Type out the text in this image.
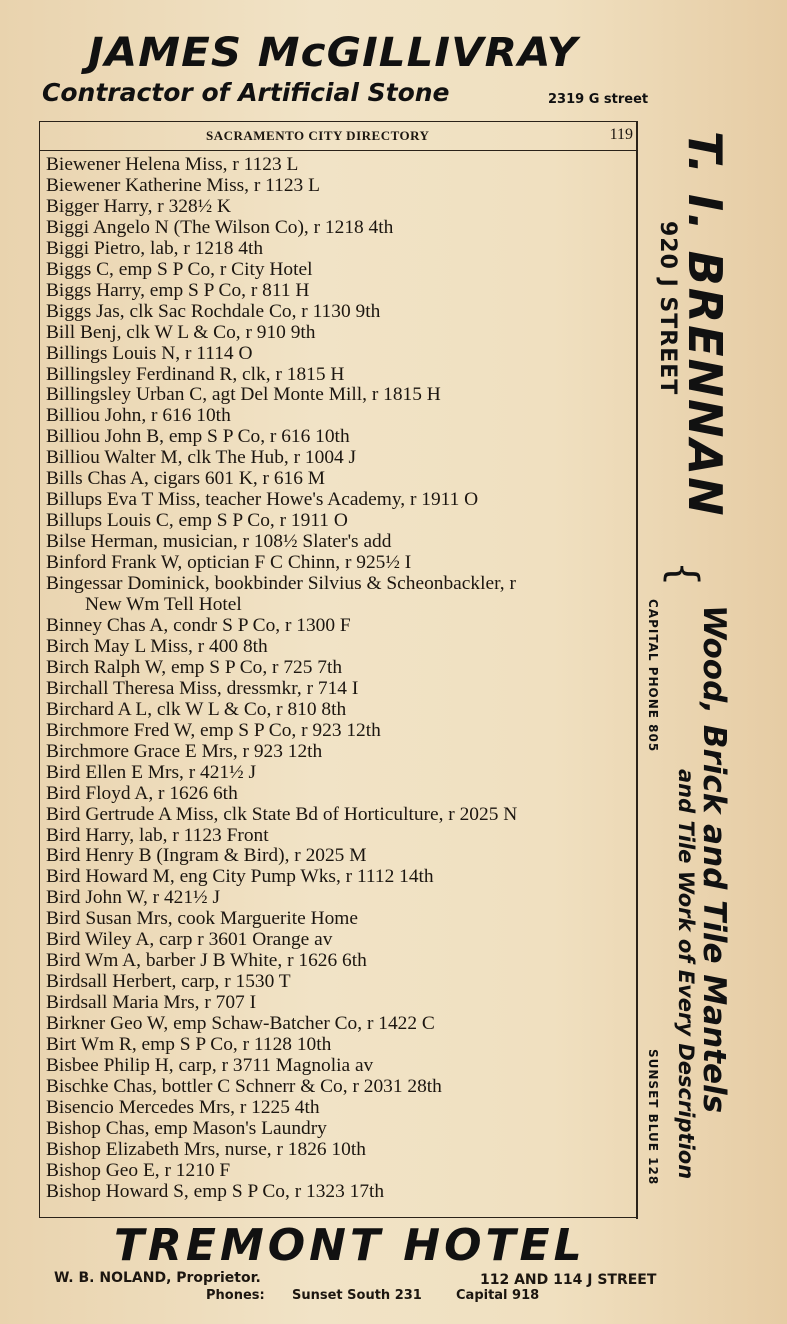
JAMES McGILLIVRAY
Contractor of Artificial Stone	2319 G street
SACRAMENTO CITY DIRECTORY	119
Biewener Helena Miss, r 1123 L
Biewener Katherine Miss, r 1123 L
Bigger Harry, r 328½ K
Biggi Angelo N (The Wilson Co), r 1218 4th
Biggi Pietro, lab, r 1218 4th
Biggs C, emp S P Co, r City Hotel
Biggs Harry, emp S P Co, r 811 H
Biggs Jas, clk Sac Rochdale Co, r 1130 9th
Bill Benj, clk W L & Co, r 910 9th
Billings Louis N, r 1114 O
Billingsley Ferdinand R, clk, r 1815 H
Billingsley Urban C, agt Del Monte Mill, r 1815 H
Billiou John, r 616 10th
Billiou John B, emp S P Co, r 616 10th
Billiou Walter M, clk The Hub, r 1004 J
Bills Chas A, cigars 601 K, r 616 M
Billups Eva T Miss, teacher Howe's Academy, r 1911 O
Billups Louis C, emp S P Co, r 1911 O
Bilse Herman, musician, r 108½ Slater's add
Binford Frank W, optician F C Chinn, r 925½ I
Bingessar Dominick, bookbinder Silvius & Scheonbackler, r
New Wm Tell Hotel
Binney Chas A, condr S P Co, r 1300 F
Birch May L Miss, r 400 8th
Birch Ralph W, emp S P Co, r 725 7th
Birchall Theresa Miss, dressmkr, r 714 I
Birchard A L, clk W L & Co, r 810 8th
Birchmore Fred W, emp S P Co, r 923 12th
Birchmore Grace E Mrs, r 923 12th
Bird Ellen E Mrs, r 421½ J
Bird Floyd A, r 1626 6th
Bird Gertrude A Miss, clk State Bd of Horticulture, r 2025 N
Bird Harry, lab, r 1123 Front
Bird Henry B (Ingram & Bird), r 2025 M
Bird Howard M, eng City Pump Wks, r 1112 14th
Bird John W, r 421½ J
Bird Susan Mrs, cook Marguerite Home
Bird Wiley A, carp r 3601 Orange av
Bird Wm A, barber J B White, r 1626 6th
Birdsall Herbert, carp, r 1530 T
Birdsall Maria Mrs, r 707 I
Birkner Geo W, emp Schaw-Batcher Co, r 1422 C
Birt Wm R, emp S P Co, r 1128 10th
Bisbee Philip H, carp, r 3711 Magnolia av
Bischke Chas, bottler C Schnerr & Co, r 2031 28th
Bisencio Mercedes Mrs, r 1225 4th
Bishop Chas, emp Mason's Laundry
Bishop Elizabeth Mrs, nurse, r 1826 10th
Bishop Geo E, r 1210 F
Bishop Howard S, emp S P Co, r 1323 17th
T. I. BRENNAN
920 J STREET
{
Wood, Brick and Tile Mantels
and Tile Work of Every Description
CAPITAL PHONE 805
SUNSET BLUE 128
TREMONT HOTEL
W. B. NOLAND, Proprietor.	112 AND 114 J STREET
Phones: Sunset South 231	Capital 918
